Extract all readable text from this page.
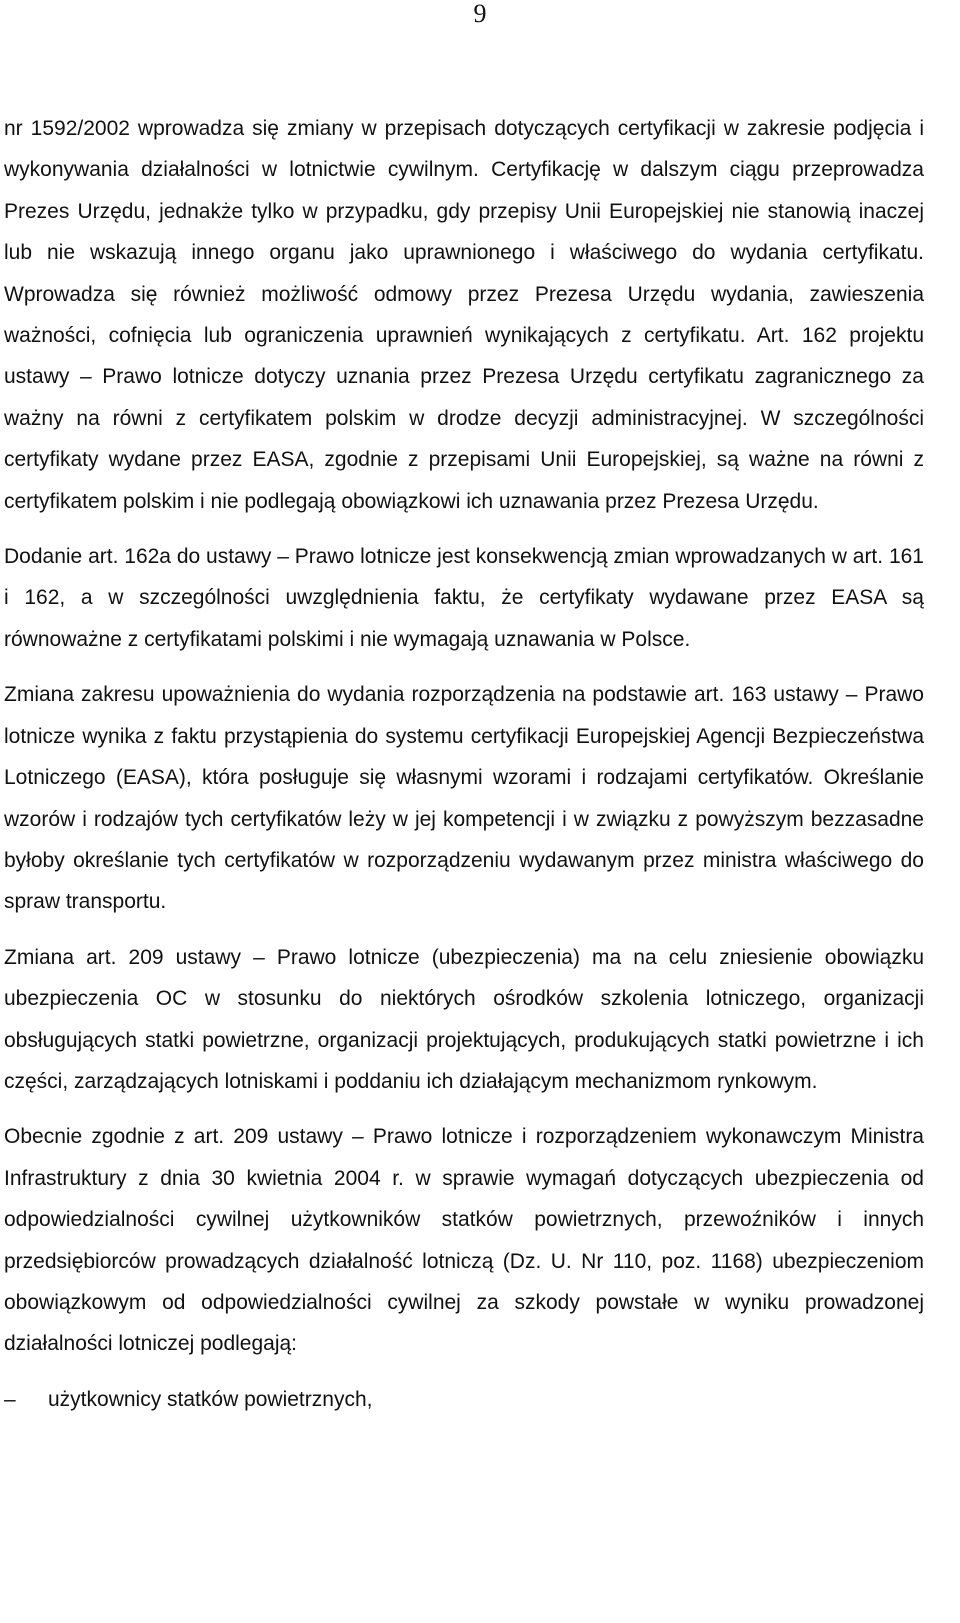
9

nr 1592/2002 wprowadza się zmiany w przepisach dotyczących certyfikacji w zakresie podjęcia i wykonywania działalności w lotnictwie cywilnym. Certyfikację w dalszym ciągu przeprowadza Prezes Urzędu, jednakże tylko w przypadku, gdy przepisy Unii Europejskiej nie stanowią inaczej lub nie wskazują innego organu jako uprawnionego i właściwego do wydania certyfikatu. Wprowadza się również możliwość odmowy przez Prezesa Urzędu wydania, zawieszenia ważności, cofnięcia lub ograniczenia uprawnień wynikających z certyfikatu. Art. 162 projektu ustawy – Prawo lotnicze dotyczy uznania przez Prezesa Urzędu certyfikatu zagranicznego za ważny na równi z certyfikatem polskim w drodze decyzji administracyjnej. W szczególności certyfikaty wydane przez EASA, zgodnie z przepisami Unii Europejskiej, są ważne na równi z certyfikatem polskim i nie podlegają obowiązkowi ich uznawania przez Prezesa Urzędu.

Dodanie art. 162a do ustawy – Prawo lotnicze jest konsekwencją zmian wprowadzanych w art. 161 i 162, a w szczególności uwzględnienia faktu, że certyfikaty wydawane przez EASA są równoważne z certyfikatami polskimi i nie wymagają uznawania w Polsce.

Zmiana zakresu upoważnienia do wydania rozporządzenia na podstawie art. 163 ustawy – Prawo lotnicze wynika z faktu przystąpienia do systemu certyfikacji Europejskiej Agencji Bezpieczeństwa Lotniczego (EASA), która posługuje się własnymi wzorami i rodzajami certyfikatów. Określanie wzorów i rodzajów tych certyfikatów leży w jej kompetencji i w związku z powyższym bezzasadne byłoby określanie tych certyfikatów w rozporządzeniu wydawanym przez ministra właściwego do spraw transportu.

Zmiana art. 209 ustawy – Prawo lotnicze (ubezpieczenia) ma na celu zniesienie obowiązku ubezpieczenia OC w stosunku do niektórych ośrodków szkolenia lotniczego, organizacji obsługujących statki powietrzne, organizacji projektujących, produkujących statki powietrzne i ich części, zarządzających lotniskami i poddaniu ich działającym mechanizmom rynkowym.

Obecnie zgodnie z art. 209 ustawy – Prawo lotnicze i rozporządzeniem wykonawczym Ministra Infrastruktury z dnia 30 kwietnia 2004 r. w sprawie wymagań dotyczących ubezpieczenia od odpowiedzialności cywilnej użytkowników statków powietrznych, przewoźników i innych przedsiębiorców prowadzących działalność lotniczą (Dz. U. Nr 110, poz. 1168) ubezpieczeniom obowiązkowym od odpowiedzialności cywilnej za szkody powstałe w wyniku prowadzonej działalności lotniczej podlegają:

–	użytkownicy statków powietrznych,
